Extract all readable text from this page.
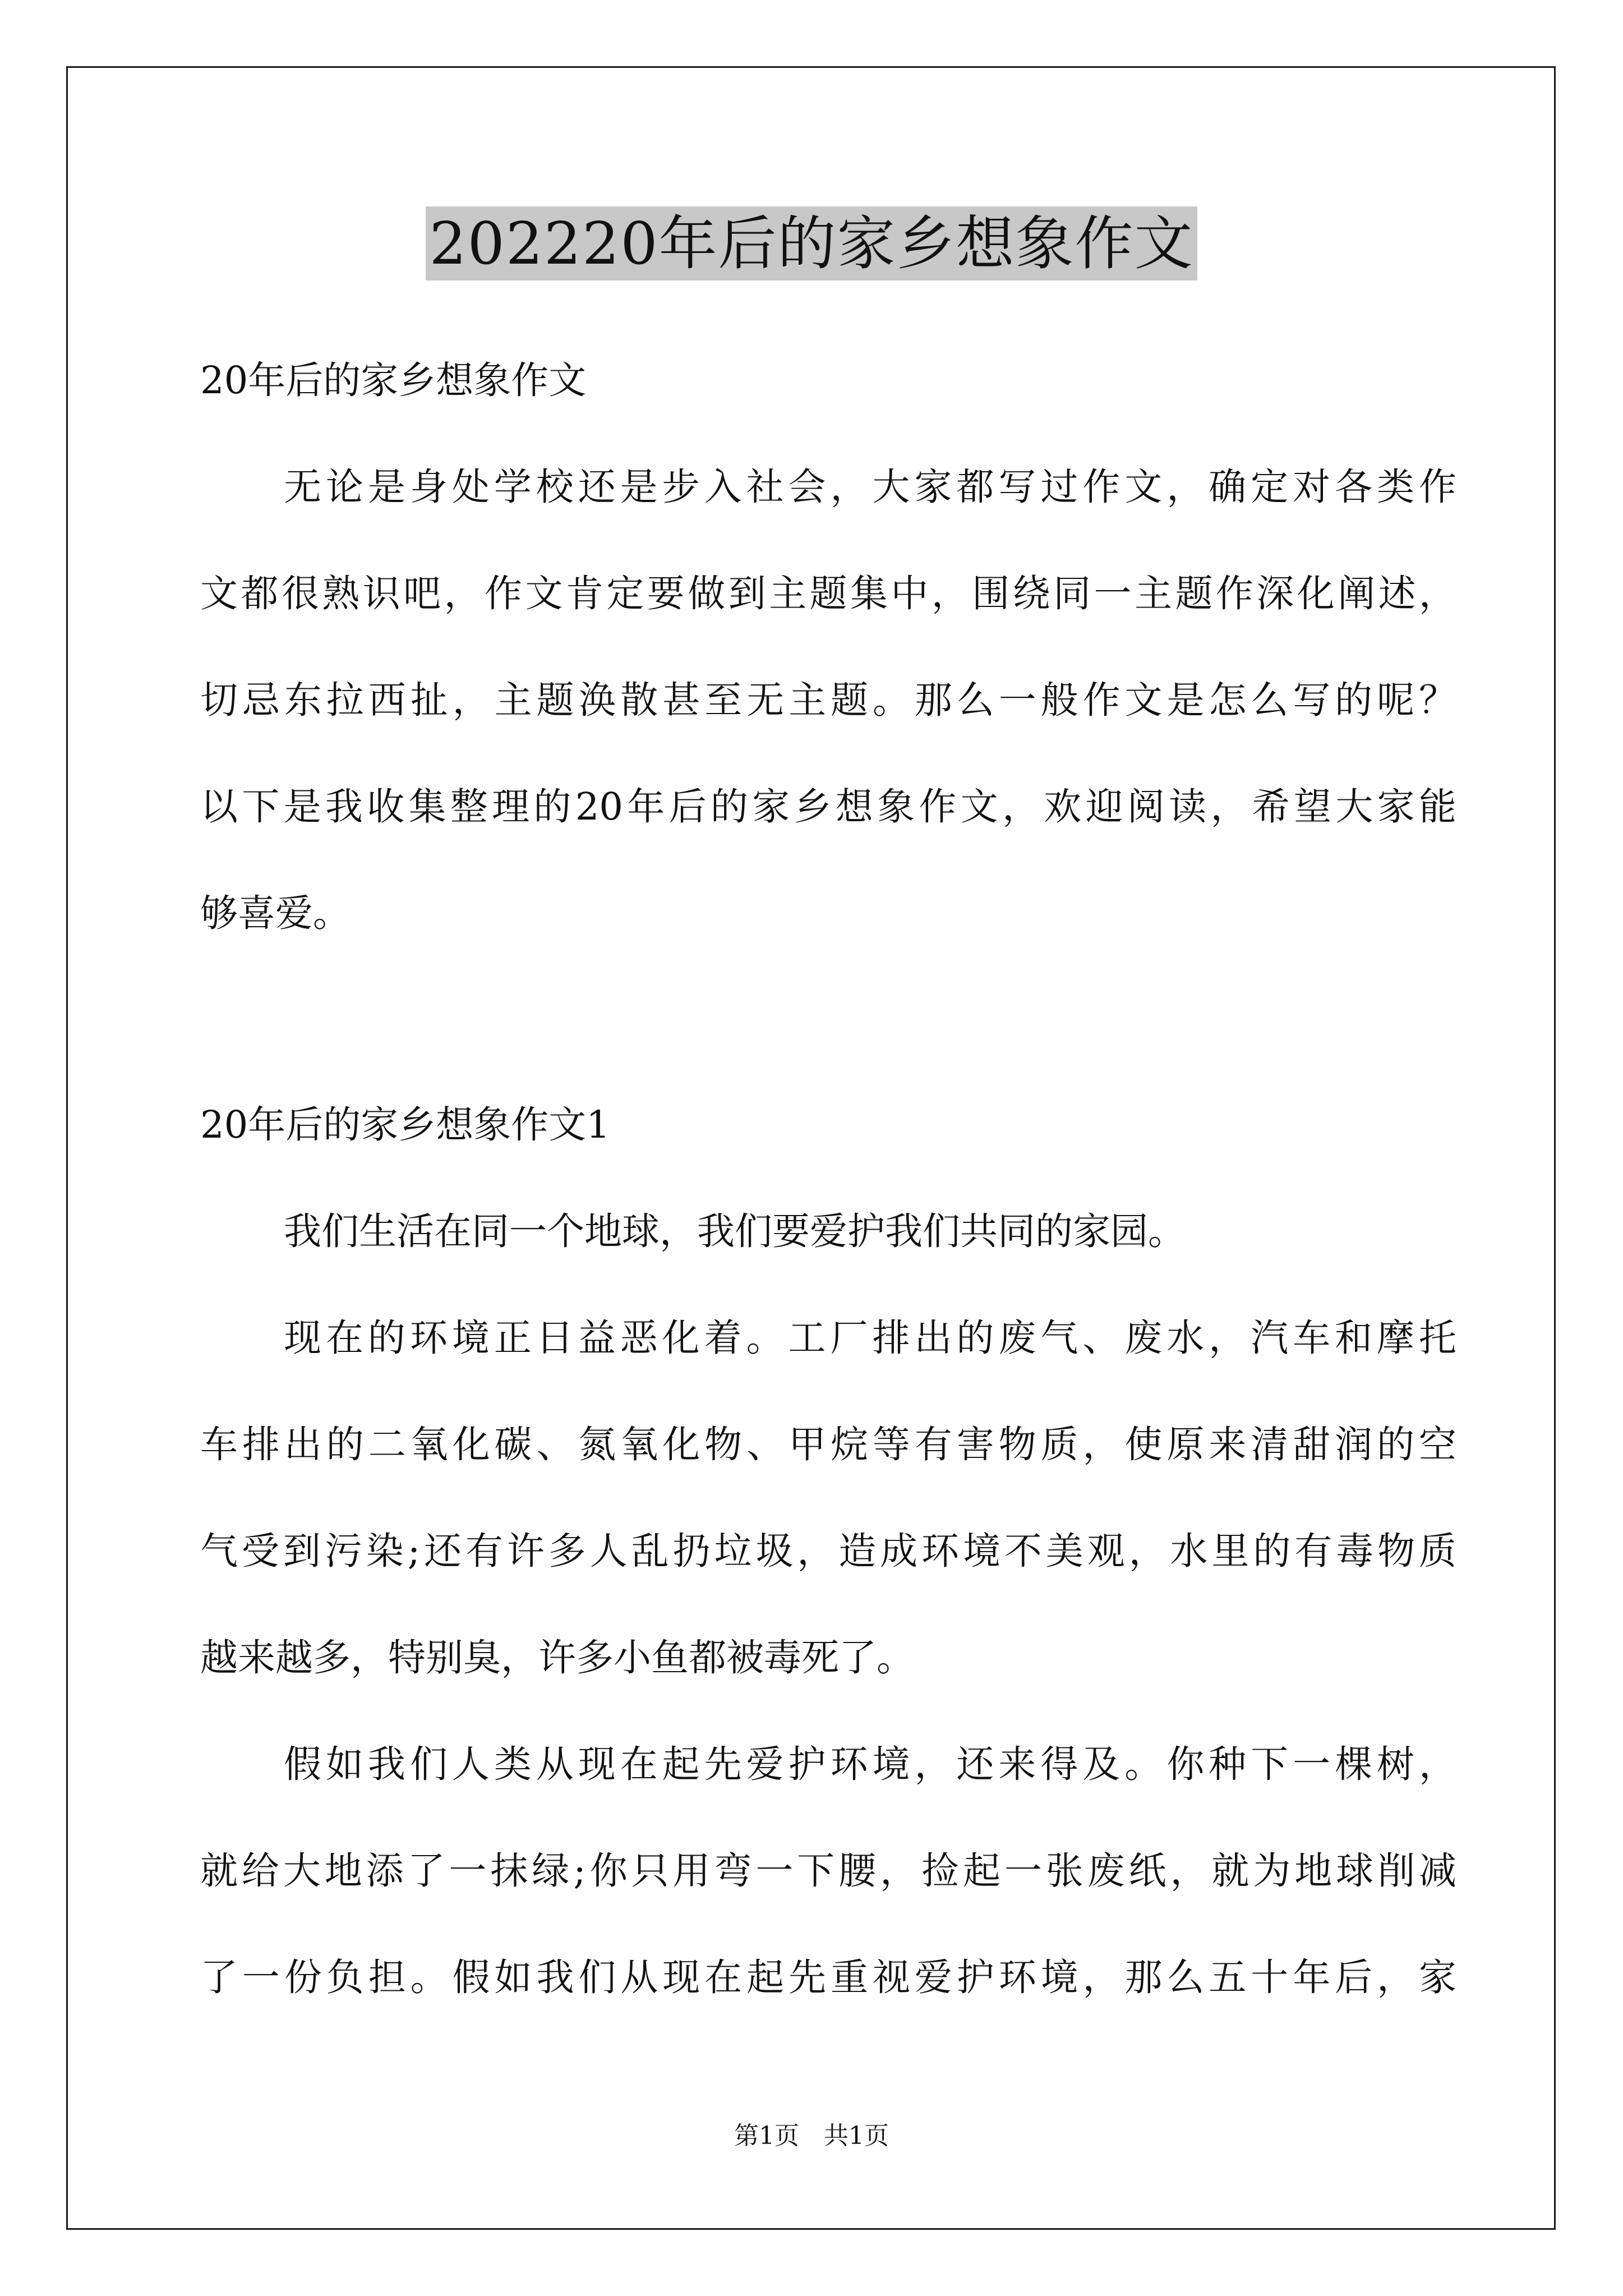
202220年后的家乡想象作文
20年后的家乡想象作文
无论是身处学校还是步入社会，大家都写过作文，确定对各类作
文都很熟识吧，作文肯定要做到主题集中，围绕同一主题作深化阐述，
切忌东拉西扯，主题涣散甚至无主题。那么一般作文是怎么写的呢？
以下是我收集整理的20年后的家乡想象作文，欢迎阅读，希望大家能
够喜爱。
20年后的家乡想象作文1
我们生活在同一个地球，我们要爱护我们共同的家园。
现在的环境正日益恶化着。工厂排出的废气、废水，汽车和摩托
车排出的二氧化碳、氮氧化物、甲烷等有害物质，使原来清甜润的空
气受到污染;还有许多人乱扔垃圾，造成环境不美观，水里的有毒物质
越来越多，特别臭，许多小鱼都被毒死了。
假如我们人类从现在起先爱护环境，还来得及。你种下一棵树，
就给大地添了一抹绿;你只用弯一下腰，捡起一张废纸，就为地球削减
了一份负担。假如我们从现在起先重视爱护环境，那么五十年后，家
第1页　共1页
